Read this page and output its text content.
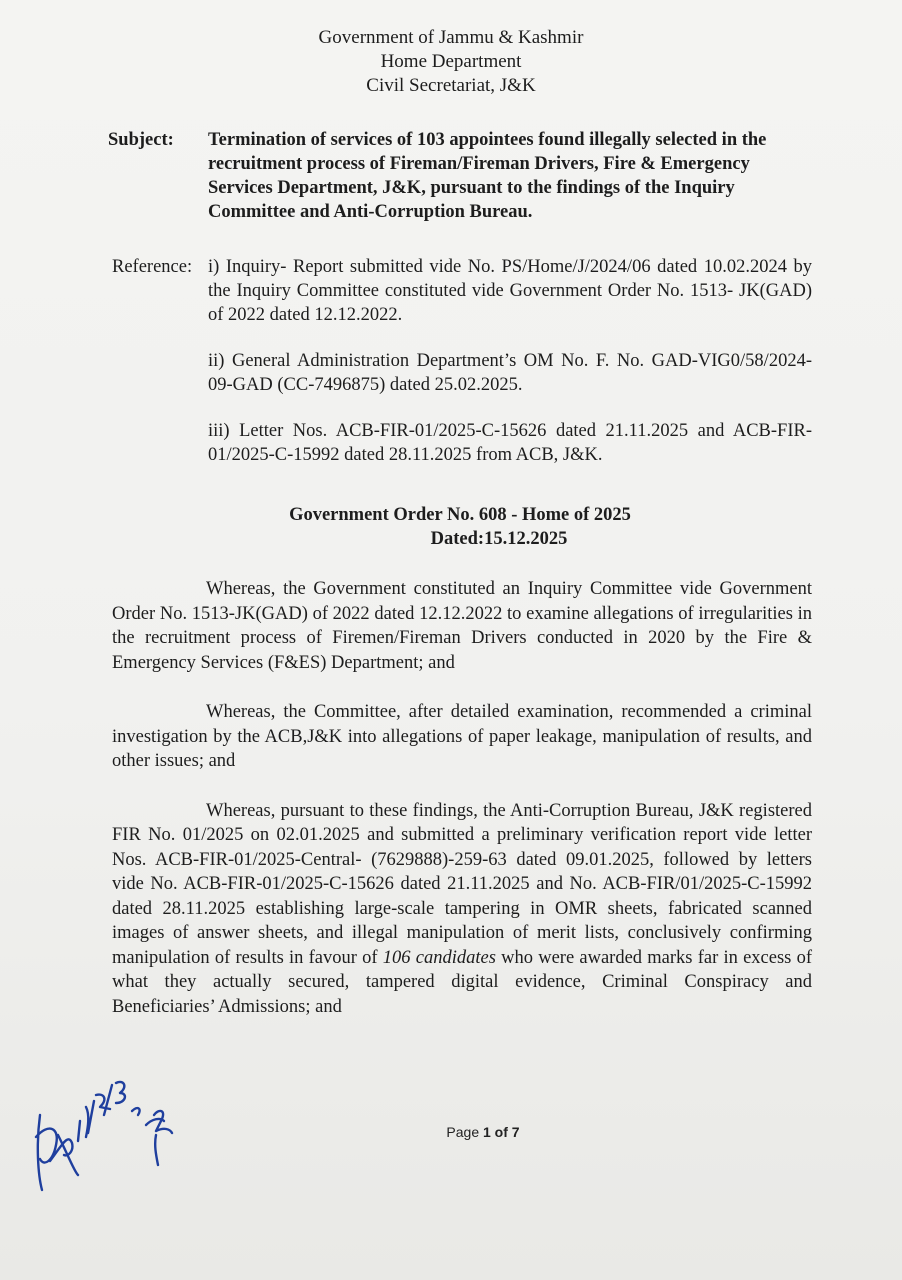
Government of Jammu & Kashmir
Home Department
Civil Secretariat, J&K
Subject:	Termination of services of 103 appointees found illegally selected in the recruitment process of Fireman/Fireman Drivers, Fire & Emergency Services Department, J&K, pursuant to the findings of the Inquiry Committee and Anti-Corruption Bureau.
Reference: i) Inquiry- Report submitted vide No. PS/Home/J/2024/06 dated 10.02.2024 by the Inquiry Committee constituted vide Government Order No. 1513- JK(GAD) of 2022 dated 12.12.2022.
ii) General Administration Department’s OM No. F. No. GAD-VIG0/58/2024-09-GAD (CC-7496875) dated 25.02.2025.
iii) Letter Nos. ACB-FIR-01/2025-C-15626 dated 21.11.2025 and ACB-FIR- 01/2025-C-15992 dated 28.11.2025 from ACB, J&K.
Government Order No. 608 - Home of 2025
Dated:15.12.2025

Whereas, the Government constituted an Inquiry Committee vide Government Order No. 1513-JK(GAD) of 2022 dated 12.12.2022 to examine allegations of irregularities in the recruitment process of Firemen/Fireman Drivers conducted in 2020 by the Fire & Emergency Services (F&ES) Department; and

Whereas, the Committee, after detailed examination, recommended a criminal investigation by the ACB,J&K into allegations of paper leakage, manipulation of results, and other issues; and

Whereas, pursuant to these findings, the Anti-Corruption Bureau, J&K registered FIR No. 01/2025 on 02.01.2025 and submitted a preliminary verification report vide letter Nos. ACB-FIR-01/2025-Central- (7629888)-259-63 dated 09.01.2025, followed by letters vide No. ACB-FIR-01/2025-C-15626 dated 21.11.2025 and No. ACB-FIR/01/2025-C-15992 dated 28.11.2025 establishing large-scale tampering in OMR sheets, fabricated scanned images of answer sheets, and illegal manipulation of merit lists, conclusively confirming manipulation of results in favour of 106 candidates who were awarded marks far in excess of what they actually secured, tampered digital evidence, Criminal Conspiracy and Beneficiaries’ Admissions; and

Page 1 of 7
